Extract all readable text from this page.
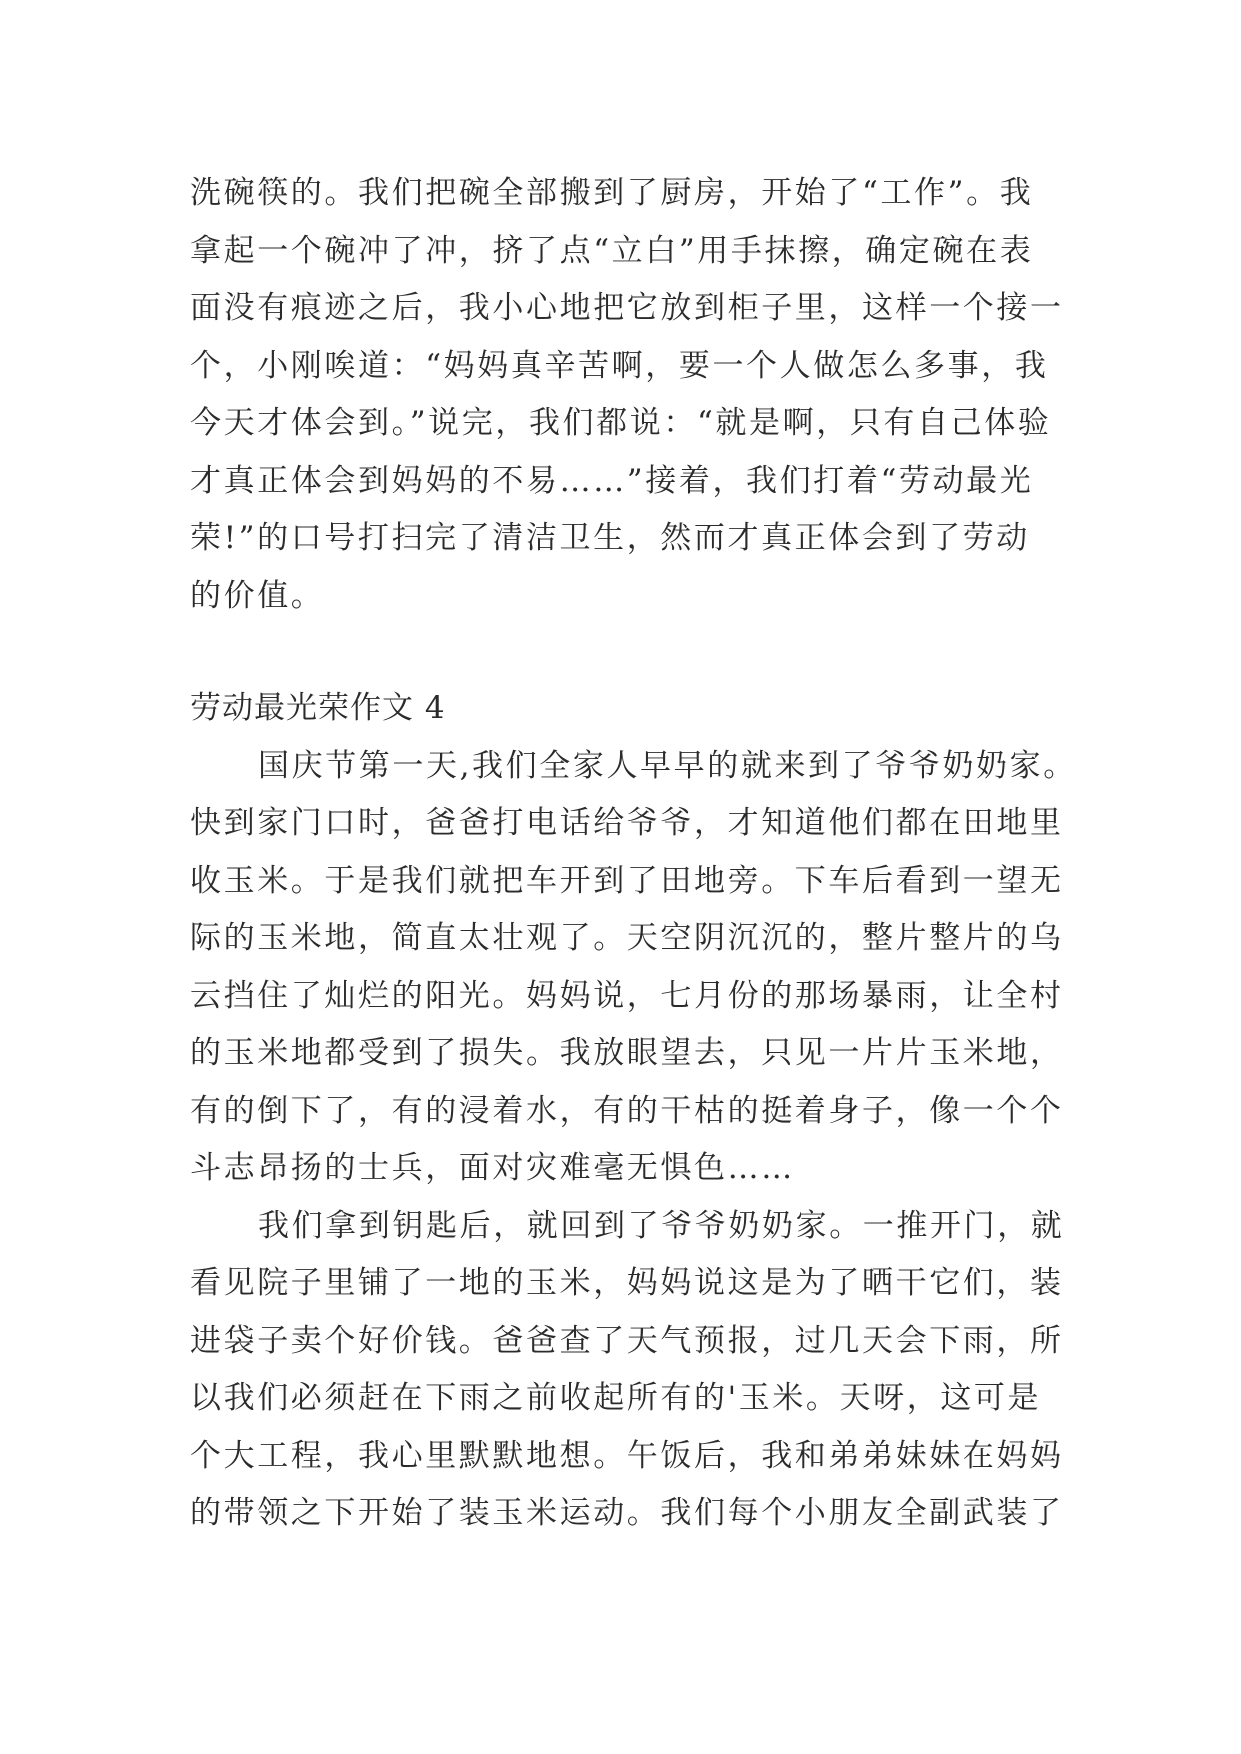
洗碗筷的。我们把碗全部搬到了厨房，开始了“工作”。我
拿起一个碗冲了冲，挤了点“立白”用手抹擦，确定碗在表
面没有痕迹之后，我小心地把它放到柜子里，这样一个接一
个，小刚唉道：“妈妈真辛苦啊，要一个人做怎么多事，我
今天才体会到。”说完，我们都说：“就是啊，只有自己体验
才真正体会到妈妈的不易……”接着，我们打着“劳动最光
荣!”的口号打扫完了清洁卫生，然而才真正体会到了劳动
的价值。
劳动最光荣作文 4
国庆节第一天,我们全家人早早的就来到了爷爷奶奶家。
快到家门口时，爸爸打电话给爷爷，才知道他们都在田地里
收玉米。于是我们就把车开到了田地旁。下车后看到一望无
际的玉米地，简直太壮观了。天空阴沉沉的，整片整片的乌
云挡住了灿烂的阳光。妈妈说，七月份的那场暴雨，让全村
的玉米地都受到了损失。我放眼望去，只见一片片玉米地，
有的倒下了，有的浸着水，有的干枯的挺着身子，像一个个
斗志昂扬的士兵，面对灾难毫无惧色……
我们拿到钥匙后，就回到了爷爷奶奶家。一推开门，就
看见院子里铺了一地的玉米，妈妈说这是为了晒干它们，装
进袋子卖个好价钱。爸爸查了天气预报，过几天会下雨，所
以我们必须赶在下雨之前收起所有的'玉米。天呀，这可是
个大工程，我心里默默地想。午饭后，我和弟弟妹妹在妈妈
的带领之下开始了装玉米运动。我们每个小朋友全副武装了
